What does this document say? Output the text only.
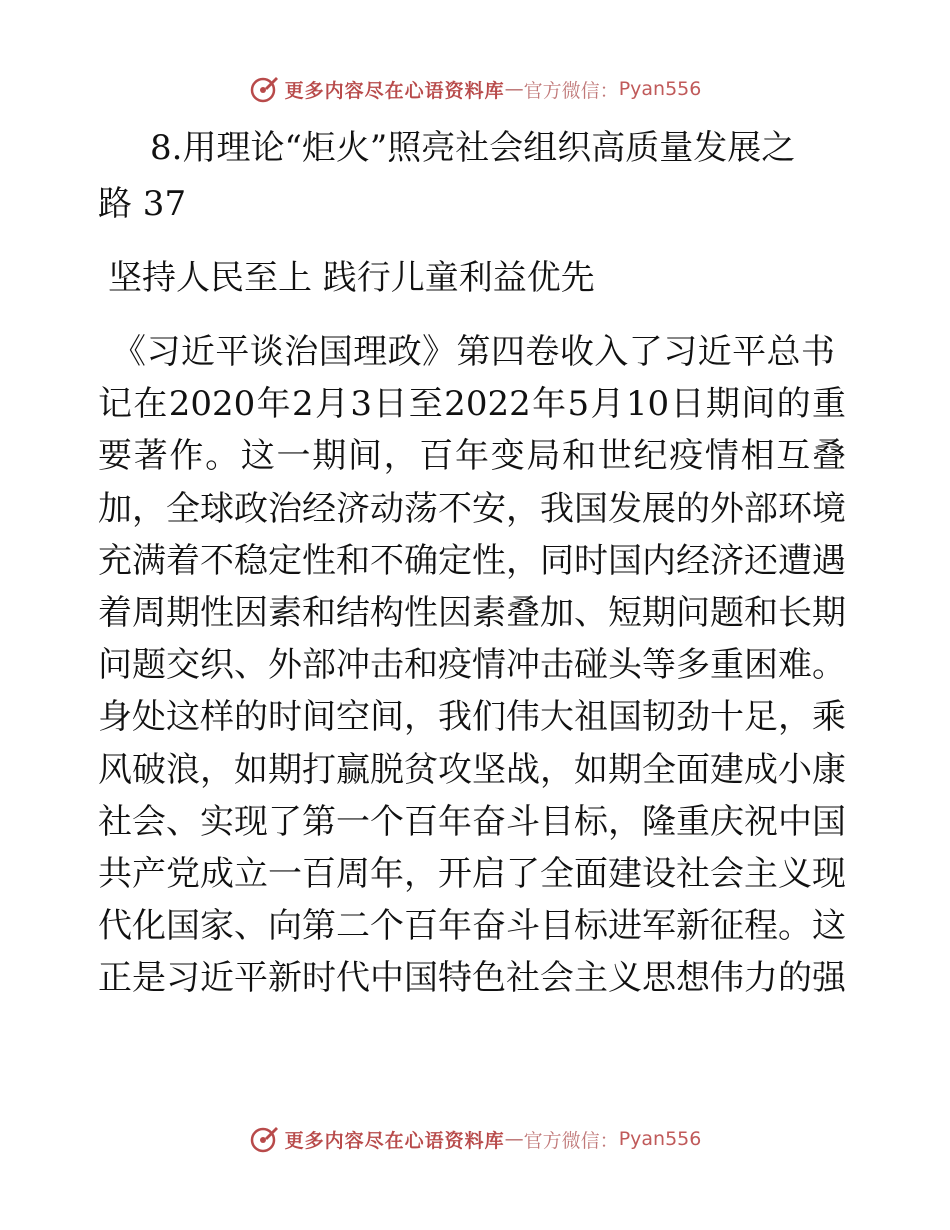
更多内容尽在心语资料库 — 官方微信： Pyan556
8.用理论“炬火”照亮社会组织高质量发展之
路 37
坚持人民至上 践行儿童利益优先
《习近平谈治国理政》第四卷收入了习近平总书
记在2020年2月3日至2022年5月10日期间的重
要著作。这一期间，百年变局和世纪疫情相互叠
加，全球政治经济动荡不安，我国发展的外部环境
充满着不稳定性和不确定性，同时国内经济还遭遇
着周期性因素和结构性因素叠加、短期问题和长期
问题交织、外部冲击和疫情冲击碰头等多重困难。
身处这样的时间空间，我们伟大祖国韧劲十足，乘
风破浪，如期打赢脱贫攻坚战，如期全面建成小康
社会、实现了第一个百年奋斗目标，隆重庆祝中国
共产党成立一百周年，开启了全面建设社会主义现
代化国家、向第二个百年奋斗目标进军新征程。这
正是习近平新时代中国特色社会主义思想伟力的强
更多内容尽在心语资料库 — 官方微信： Pyan556
